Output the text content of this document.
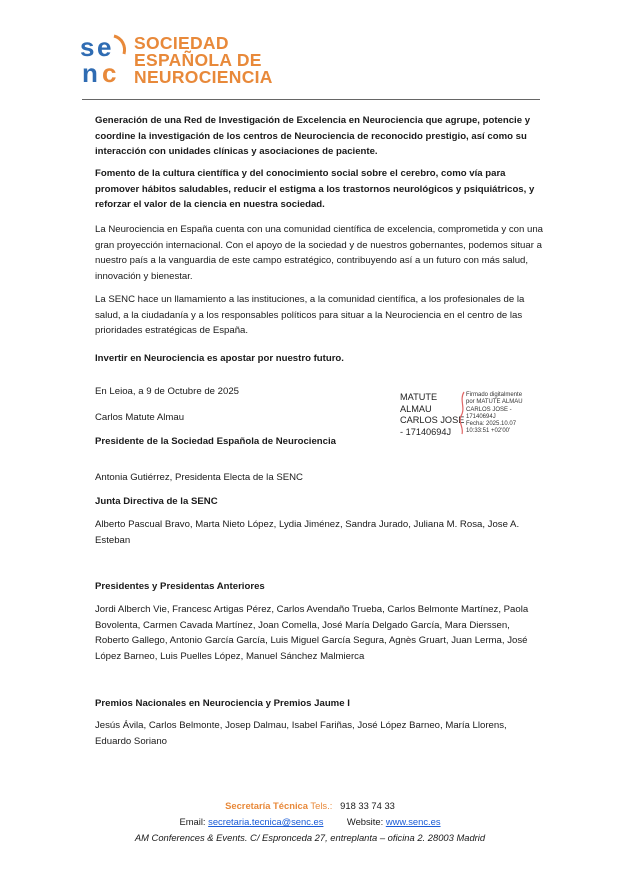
s e
n c
SOCIEDAD
ESPAÑOLA DE
NEUROCIENCIA
Generación de una Red de Investigación de Excelencia en Neurociencia que agrupe, potencie y coordine la investigación de los centros de Neurociencia de reconocido prestigio, así como su interacción con unidades clínicas y asociaciones de paciente.
Fomento de la cultura científica y del conocimiento social sobre el cerebro, como vía para promover hábitos saludables, reducir el estigma a los trastornos neurológicos y psiquiátricos, y reforzar el valor de la ciencia en nuestra sociedad.
La Neurociencia en España cuenta con una comunidad científica de excelencia, comprometida y con una gran proyección internacional. Con el apoyo de la sociedad y de nuestros gobernantes, podemos situar a nuestro país a la vanguardia de este campo estratégico, contribuyendo así a un futuro con más salud, innovación y bienestar.
La SENC hace un llamamiento a las instituciones, a la comunidad científica, a los profesionales de la salud, a la ciudadanía y a los responsables políticos para situar a la Neurociencia en el centro de las prioridades estratégicas de España.
Invertir en Neurociencia es apostar por nuestro futuro.
En Leioa, a 9 de Octubre de 2025
Carlos Matute Almau
Presidente de la Sociedad Española de Neurociencia
MATUTE
ALMAU
CARLOS JOSE
- 17140694J
Firmado digitalmente
por MATUTE ALMAU
CARLOS JOSE -
17140694J
Fecha: 2025.10.07
10:33:51 +02'00'
Antonia Gutiérrez, Presidenta Electa de la SENC
Junta Directiva de la SENC
Alberto Pascual Bravo, Marta Nieto López, Lydia Jiménez, Sandra Jurado, Juliana M. Rosa, Jose A. Esteban
Presidentes y Presidentas Anteriores
Jordi Alberch Vie, Francesc Artigas Pérez, Carlos Avendaño Trueba, Carlos Belmonte Martínez, Paola Bovolenta, Carmen Cavada Martínez, Joan Comella, José María Delgado García, Mara Dierssen, Roberto Gallego, Antonio García García, Luis Miguel García Segura, Agnès Gruart, Juan Lerma, José López Barneo, Luis Puelles López, Manuel Sánchez Malmierca
Premios Nacionales en Neurociencia y Premios Jaume I
Jesús Ávila, Carlos Belmonte, Josep Dalmau, Isabel Fariñas, José López Barneo, María Llorens, Eduardo Soriano
Secretaría Técnica Tels.: 918 33 74 33
Email: secretaria.tecnica@senc.es Website: www.senc.es
AM Conferences & Events. C/ Espronceda 27, entreplanta – oficina 2. 28003 Madrid
